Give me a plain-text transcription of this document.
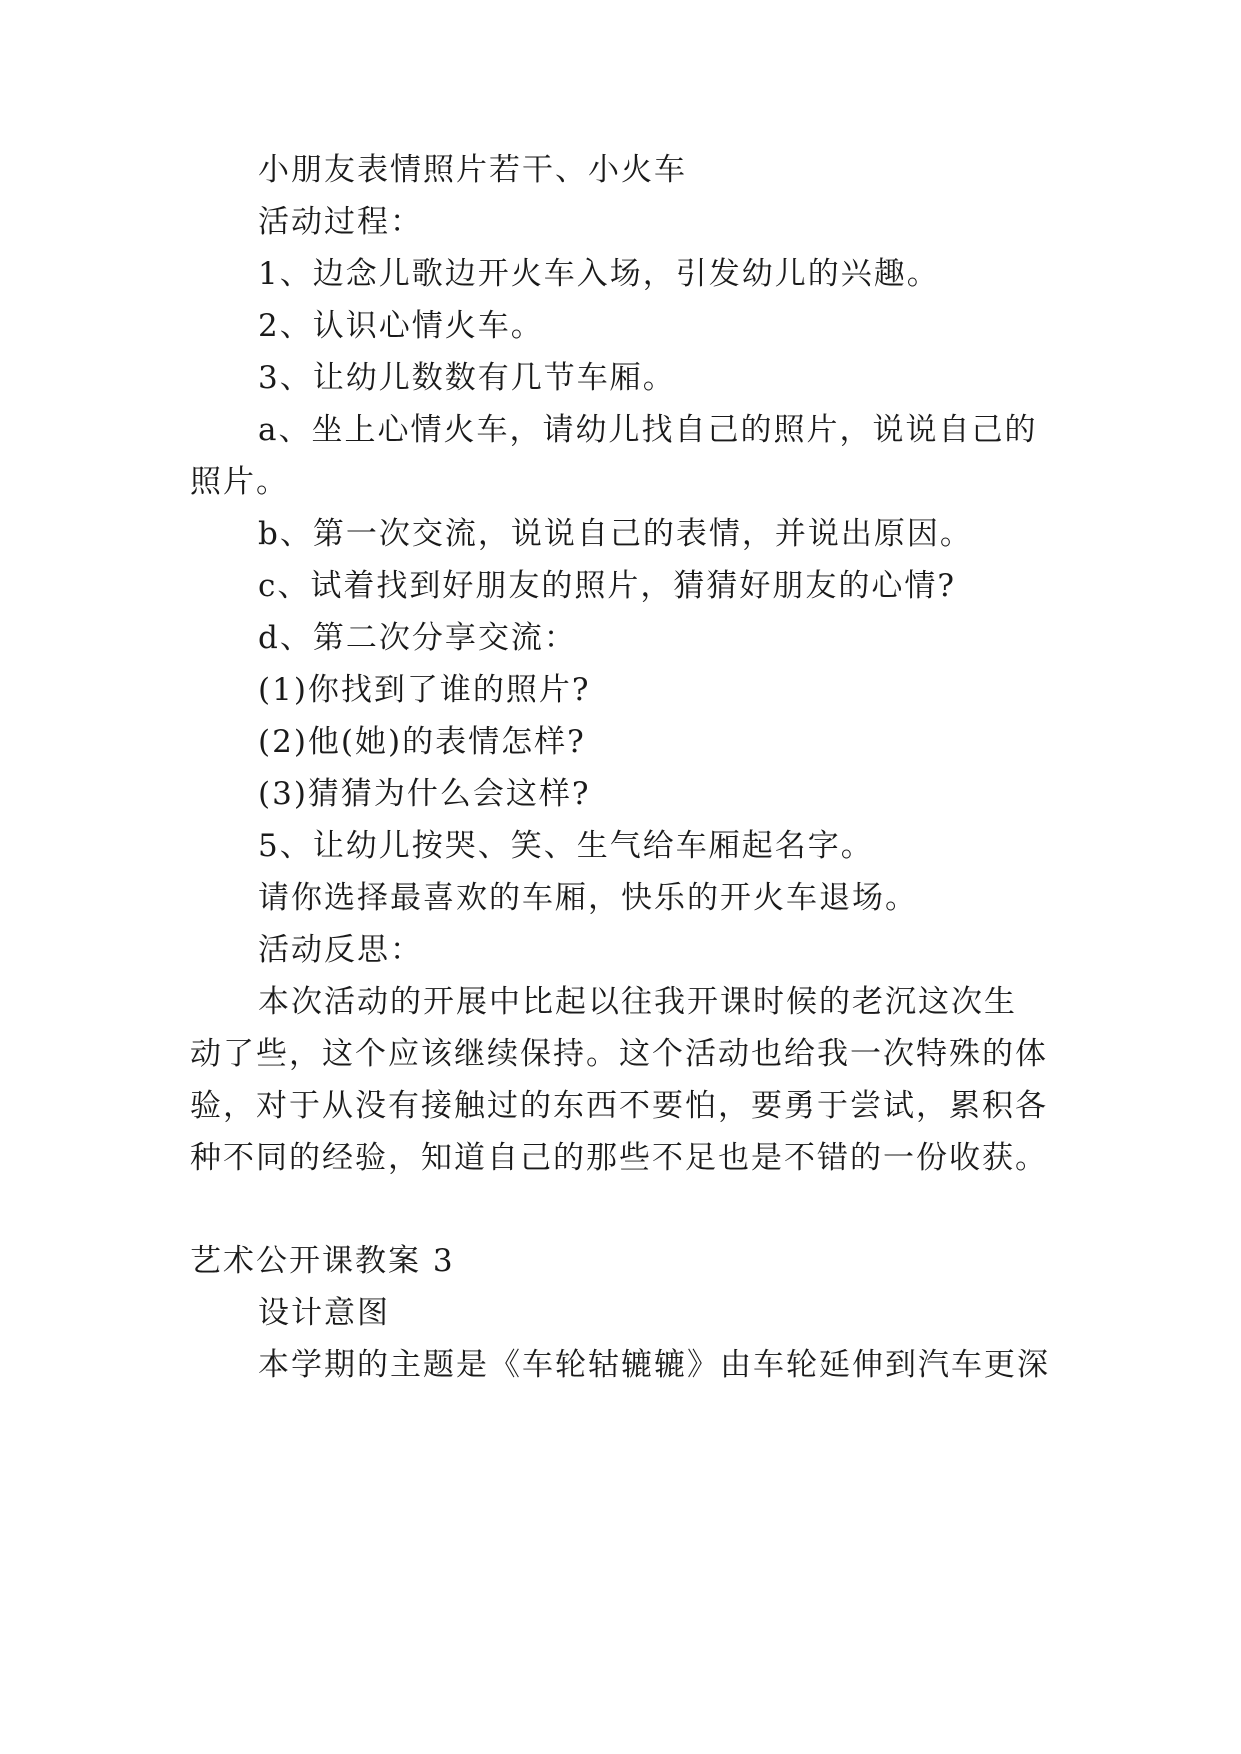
小朋友表情照片若干、小火车
活动过程：
1、边念儿歌边开火车入场，引发幼儿的兴趣。
2、认识心情火车。
3、让幼儿数数有几节车厢。
a、坐上心情火车，请幼儿找自己的照片，说说自己的
照片。
b、第一次交流，说说自己的表情，并说出原因。
c、试着找到好朋友的照片，猜猜好朋友的心情?
d、第二次分享交流：
(1)你找到了谁的照片?
(2)他(她)的表情怎样?
(3)猜猜为什么会这样?
5、让幼儿按哭、笑、生气给车厢起名字。
请你选择最喜欢的车厢，快乐的开火车退场。
活动反思：
本次活动的开展中比起以往我开课时候的老沉这次生
动了些，这个应该继续保持。这个活动也给我一次特殊的体
验，对于从没有接触过的东西不要怕，要勇于尝试，累积各
种不同的经验，知道自己的那些不足也是不错的一份收获。
艺术公开课教案 3
设计意图
本学期的主题是《车轮轱辘辘》由车轮延伸到汽车更深
